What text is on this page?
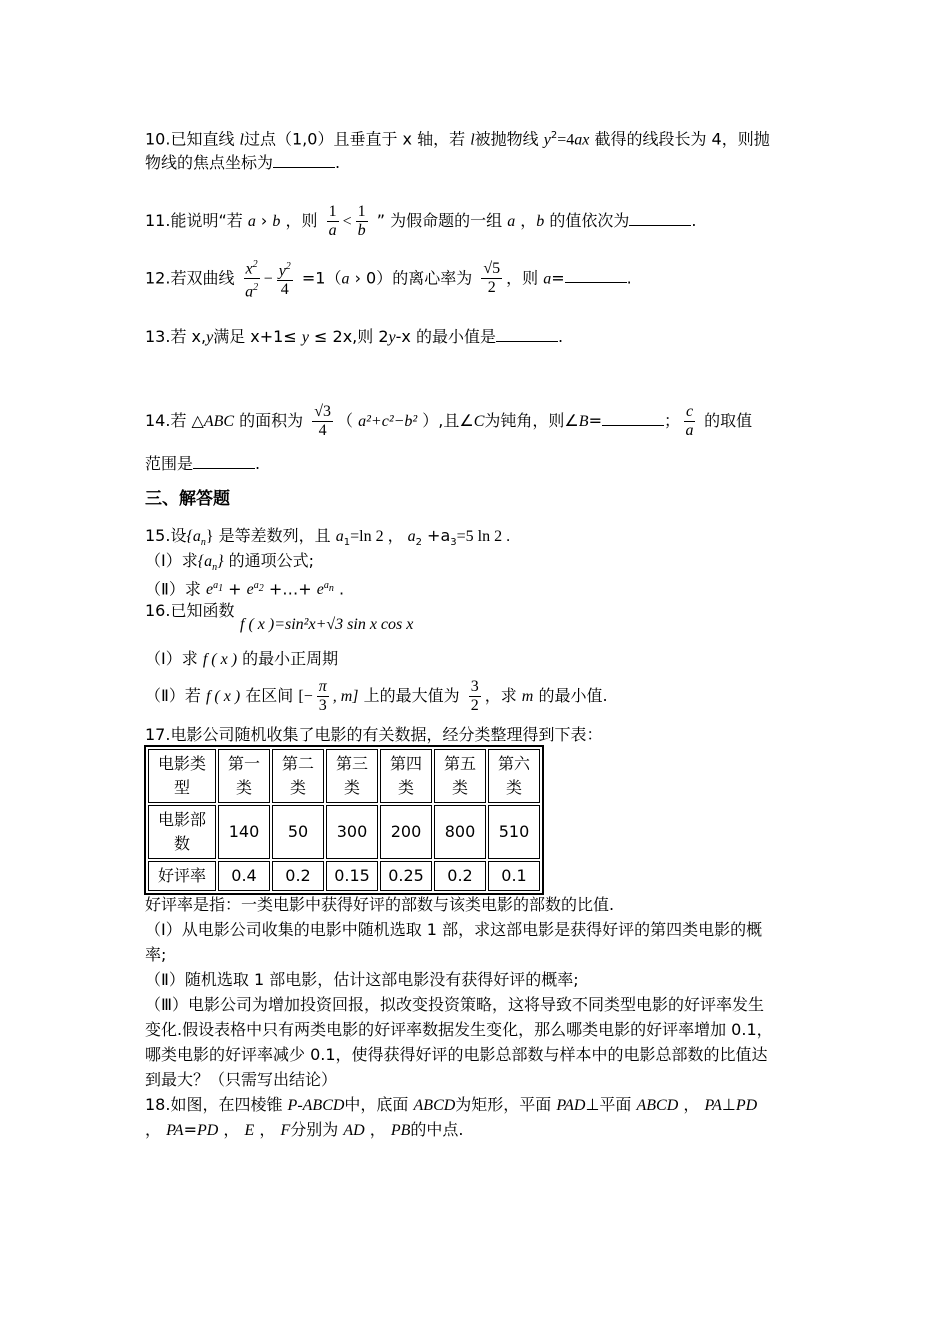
10.已知直线 l过点（1,0）且垂直于 x 轴，若 l被抛物线 $y^2=4ax$ 截得的线段长为 4，则抛
物线的焦点坐标为	.
11.能说明“若 a › b ，则 $\frac{1}{a} < \frac{1}{b}$ ” 为假命题的一组 a ，b 的值依次为	.
12.若双曲线 $\frac{x^2}{a^2} - \frac{y^2}{4} =1(a$ › 0）的离心率为 $\frac{√5}{2}$ ，则 a=	.
13.若 x,y满足 x+1≤ y ≤ 2x,则 2y-x 的最小值是	.
14.若 △ABC 的面积为 $\frac{√3}{4}$ （ a²+c²−b² ）,且∠C为钝角，则∠B=	； $\frac{c}{a}$ 的取值
范围是	.
三、解答题
15.设$\{a_n\}$ 是等差数列，且 $a_1=\ln$ 2 ， $a_2 +a_3=5$ ln 2 .
（Ⅰ）求$\{a_n\}$ 的通项公式;
（Ⅱ）求 $e^{a_1} + e^{a_2}$ +…+ $e^{a_n}$ .
16.已知函数
f ( x )=sin²x+√3 sin x cos x
（Ⅰ）求 f ( x ) 的最小正周期
（Ⅱ）若 f ( x ) 在区间 [− $\frac{\pi}{3}$ , m] 上的最大值为 $\frac{3}{2}$ ，求 m 的最小值.
17.电影公司随机收集了电影的有关数据，经分类整理得到下表：
电影类型	第一类	第二类	第三类	第四类	第五类	第六类
电影部数	140	50	300	200	800	510
好评率	0.4	0.2	0.15	0.25	0.2	0.1
好评率是指：一类电影中获得好评的部数与该类电影的部数的比值.
（Ⅰ）从电影公司收集的电影中随机选取 1 部，求这部电影是获得好评的第四类电影的概
率;
（Ⅱ）随机选取 1 部电影，估计这部电影没有获得好评的概率;
（Ⅲ）电影公司为增加投资回报，拟改变投资策略，这将导致不同类型电影的好评率发生
变化.假设表格中只有两类电影的好评率数据发生变化，那么哪类电影的好评率增加 0.1，
哪类电影的好评率减少 0.1，使得获得好评的电影总部数与样本中的电影总部数的比值达
到最大？（只需写出结论）
18.如图，在四棱锥 P-ABCD中，底面 ABCD为矩形，平面 PAD⊥平面 ABCD ， PA⊥PD
， PA=PD ， E ， F分别为 AD ， PB的中点.
